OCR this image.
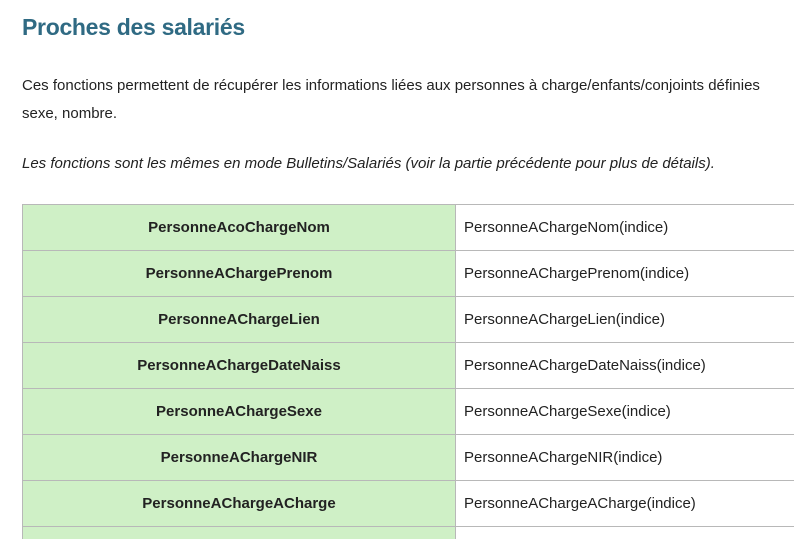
Proches des salariés

Ces fonctions permettent de récupérer les informations liées aux personnes à charge/enfants/conjoints définies
sexe, nombre.

Les fonctions sont les mêmes en mode Bulletins/Salariés (voir la partie précédente pour plus de détails).

PersonneAcoChargeNom	PersonneAChargeNom(indice)
PersonneAChargePrenom	PersonneAChargePrenom(indice)
PersonneAChargeLien	PersonneAChargeLien(indice)
PersonneAChargeDateNaiss	PersonneAChargeDateNaiss(indice)
PersonneAChargeSexe	PersonneAChargeSexe(indice)
PersonneAChargeNIR	PersonneAChargeNIR(indice)
PersonneAChargeACharge	PersonneAChargeACharge(indice)
